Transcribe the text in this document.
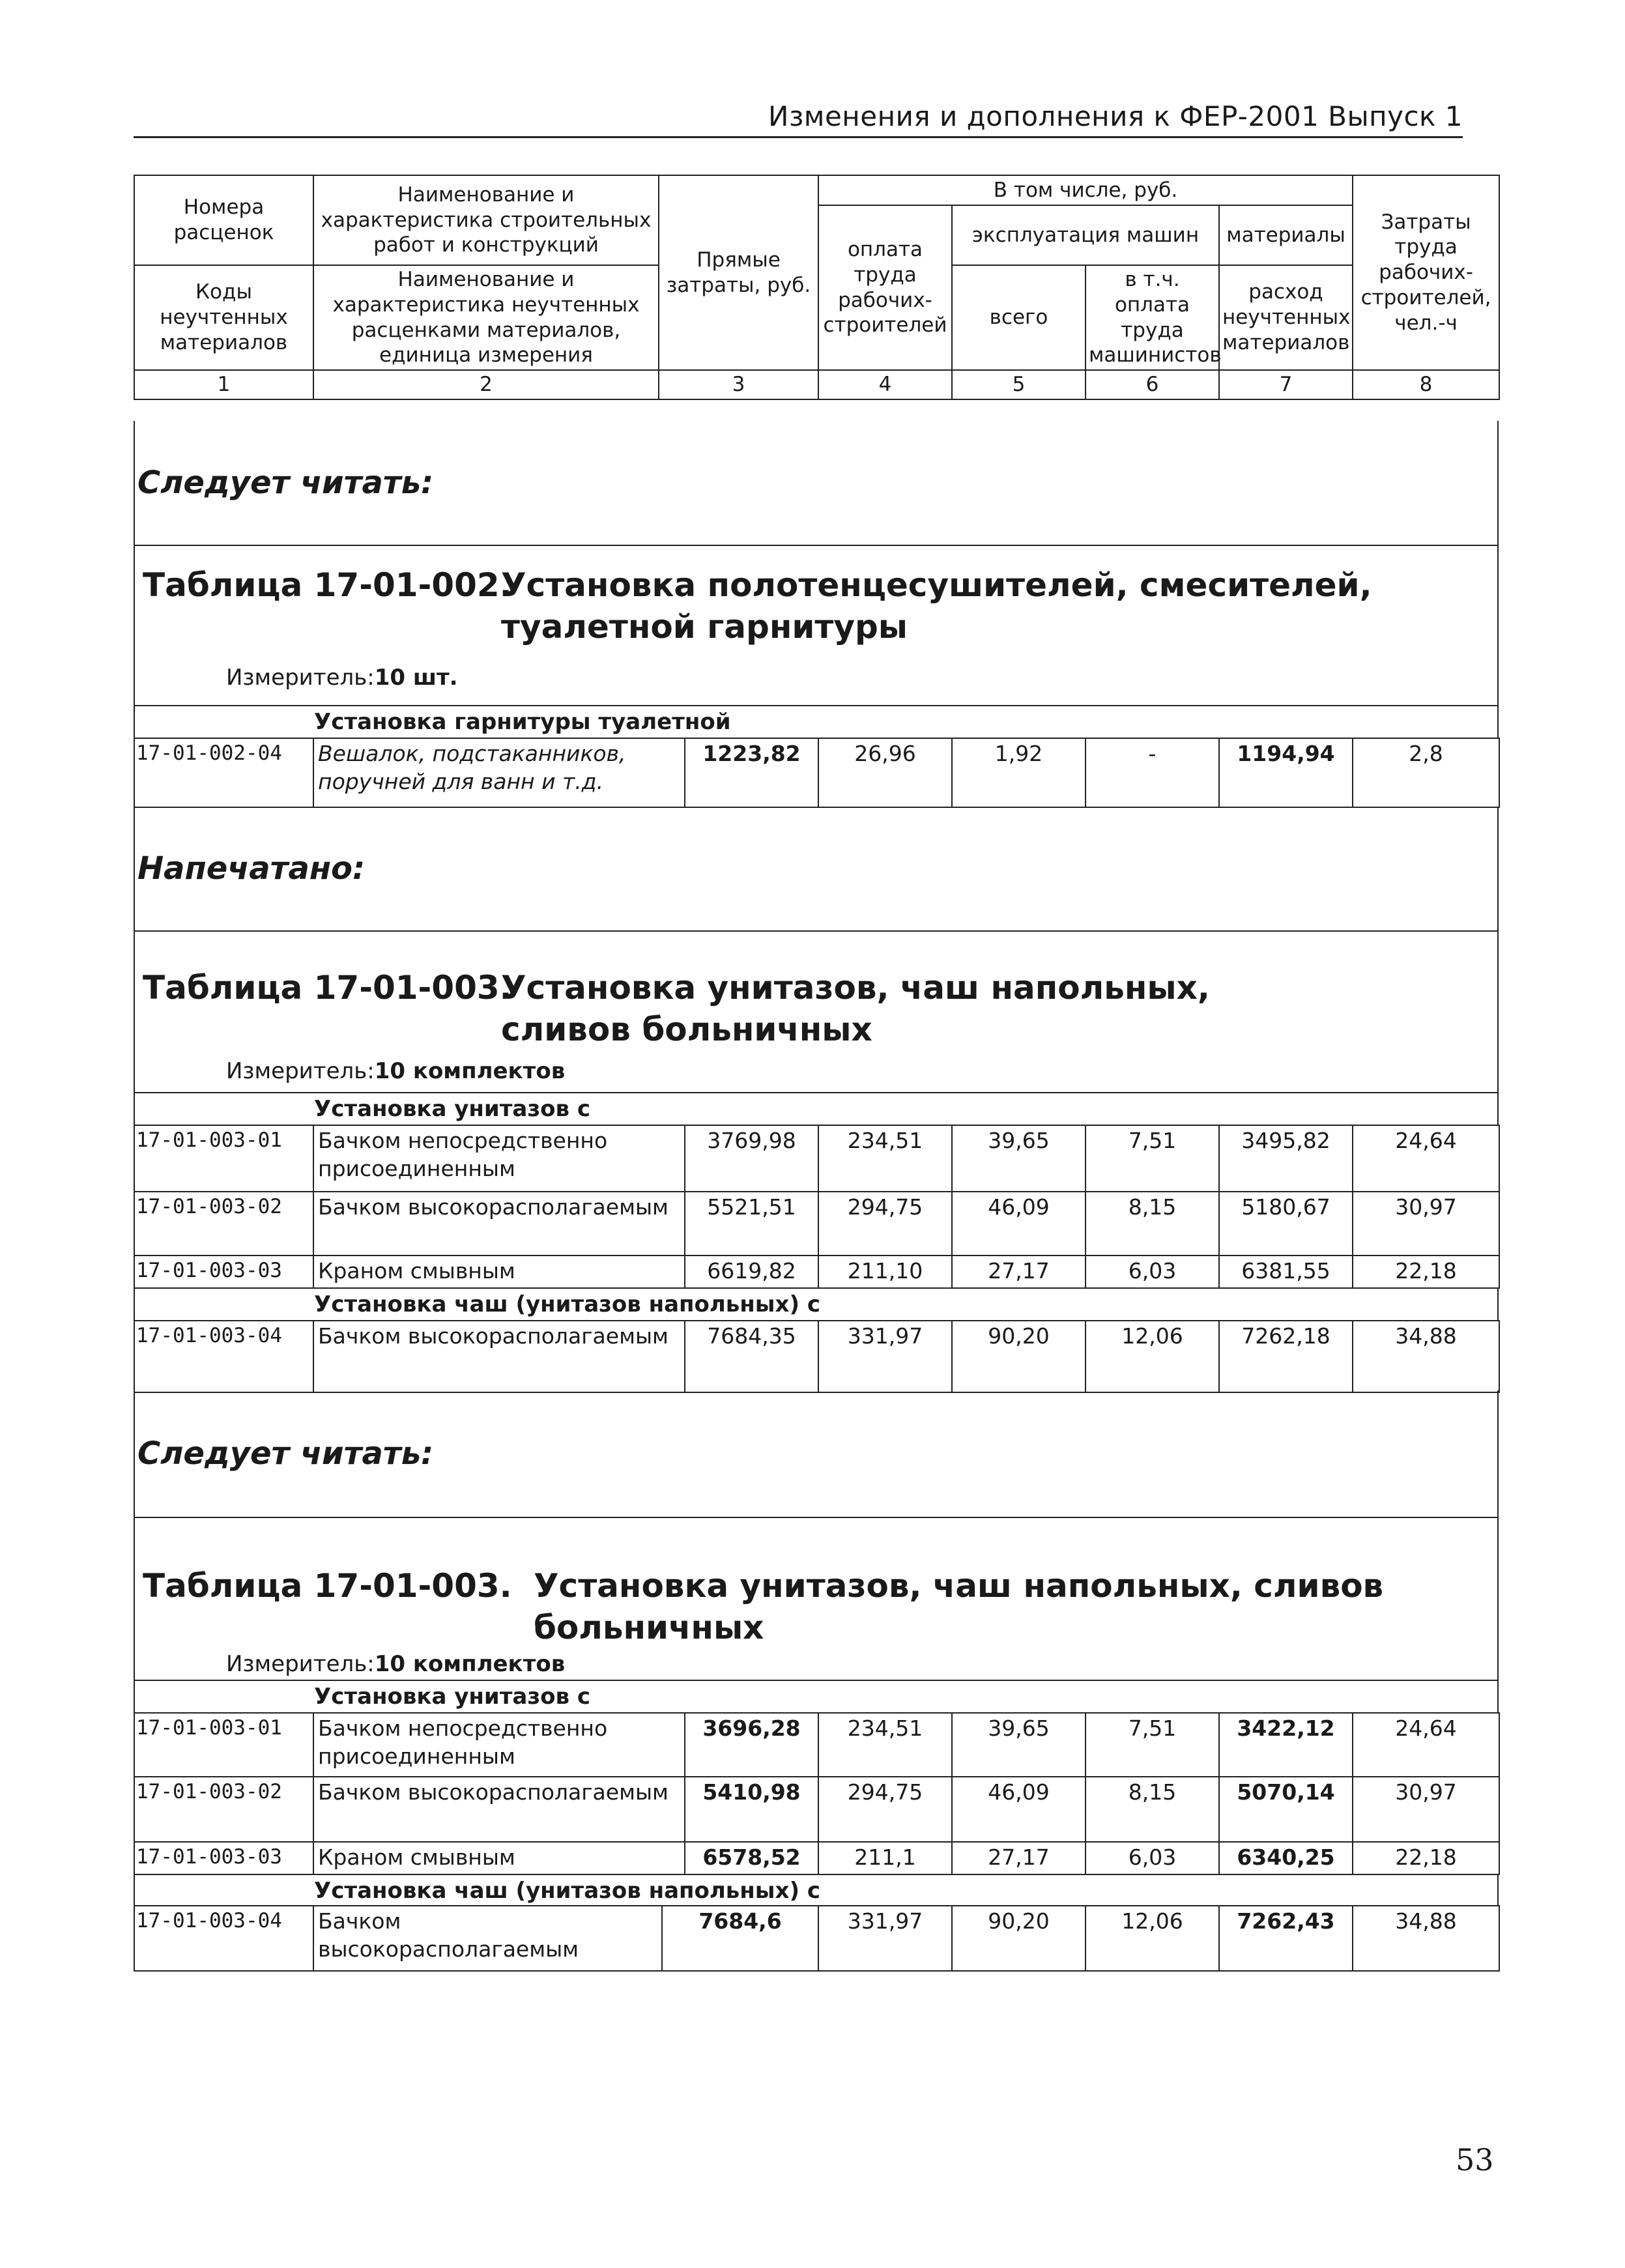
Изменения и дополнения к ФЕР-2001 Выпуск 1
Номера расценок	Наименование и характеристика строительных работ и конструкций	Прямые затраты, руб.	В том числе, руб.				Затраты труда рабочих-строителей, чел.-ч
			оплата труда рабочих-строителей	эксплуатация машин		материалы	
Коды неучтенных материалов	Наименование и характеристика неучтенных расценками материалов, единица измерения			всего	в т.ч. оплата труда машинистов	расход неучтенных материалов	

1	2	3	4	5	6	7	8
Следует читать:
Таблица 17-01-002.Установка полотенцесушителей, смесителей, туалетной гарнитуры
Измеритель:10 шт.
Установка гарнитуры туалетной
17-01-002-04	Вешалок, подстаканников, поручней для ванн и т.д.	1223,82	26,96	1,92	-	1194,94	2,8
Напечатано:
Таблица 17-01-003.Установка унитазов, чаш напольных, сливов больничных
Измеритель:10 комплектов
Установка унитазов с
17-01-003-01	Бачком непосредственно присоединенным	3769,98	234,51	39,65	7,51	3495,82	24,64
17-01-003-02	Бачком высокорасполагаемым	5521,51	294,75	46,09	8,15	5180,67	30,97
17-01-003-03	Краном смывным	6619,82	211,10	27,17	6,03	6381,55	22,18
Установка чаш (унитазов напольных) с
17-01-003-04	Бачком высокорасполагаемым	7684,35	331,97	90,20	12,06	7262,18	34,88
Следует читать:
Таблица 17-01-003. Установка унитазов, чаш напольных, сливов больничных
Измеритель:10 комплектов
Установка унитазов с
17-01-003-01	Бачком непосредственно присоединенным	3696,28	234,51	39,65	7,51	3422,12	24,64
17-01-003-02	Бачком высокорасполагаемым	5410,98	294,75	46,09	8,15	5070,14	30,97
17-01-003-03	Краном смывным	6578,52	211,1	27,17	6,03	6340,25	22,18
Установка чаш (унитазов напольных) с
17-01-003-04	Бачком высокорасполагаемым	7684,6	331,97	90,20	12,06	7262,43	34,88
53
